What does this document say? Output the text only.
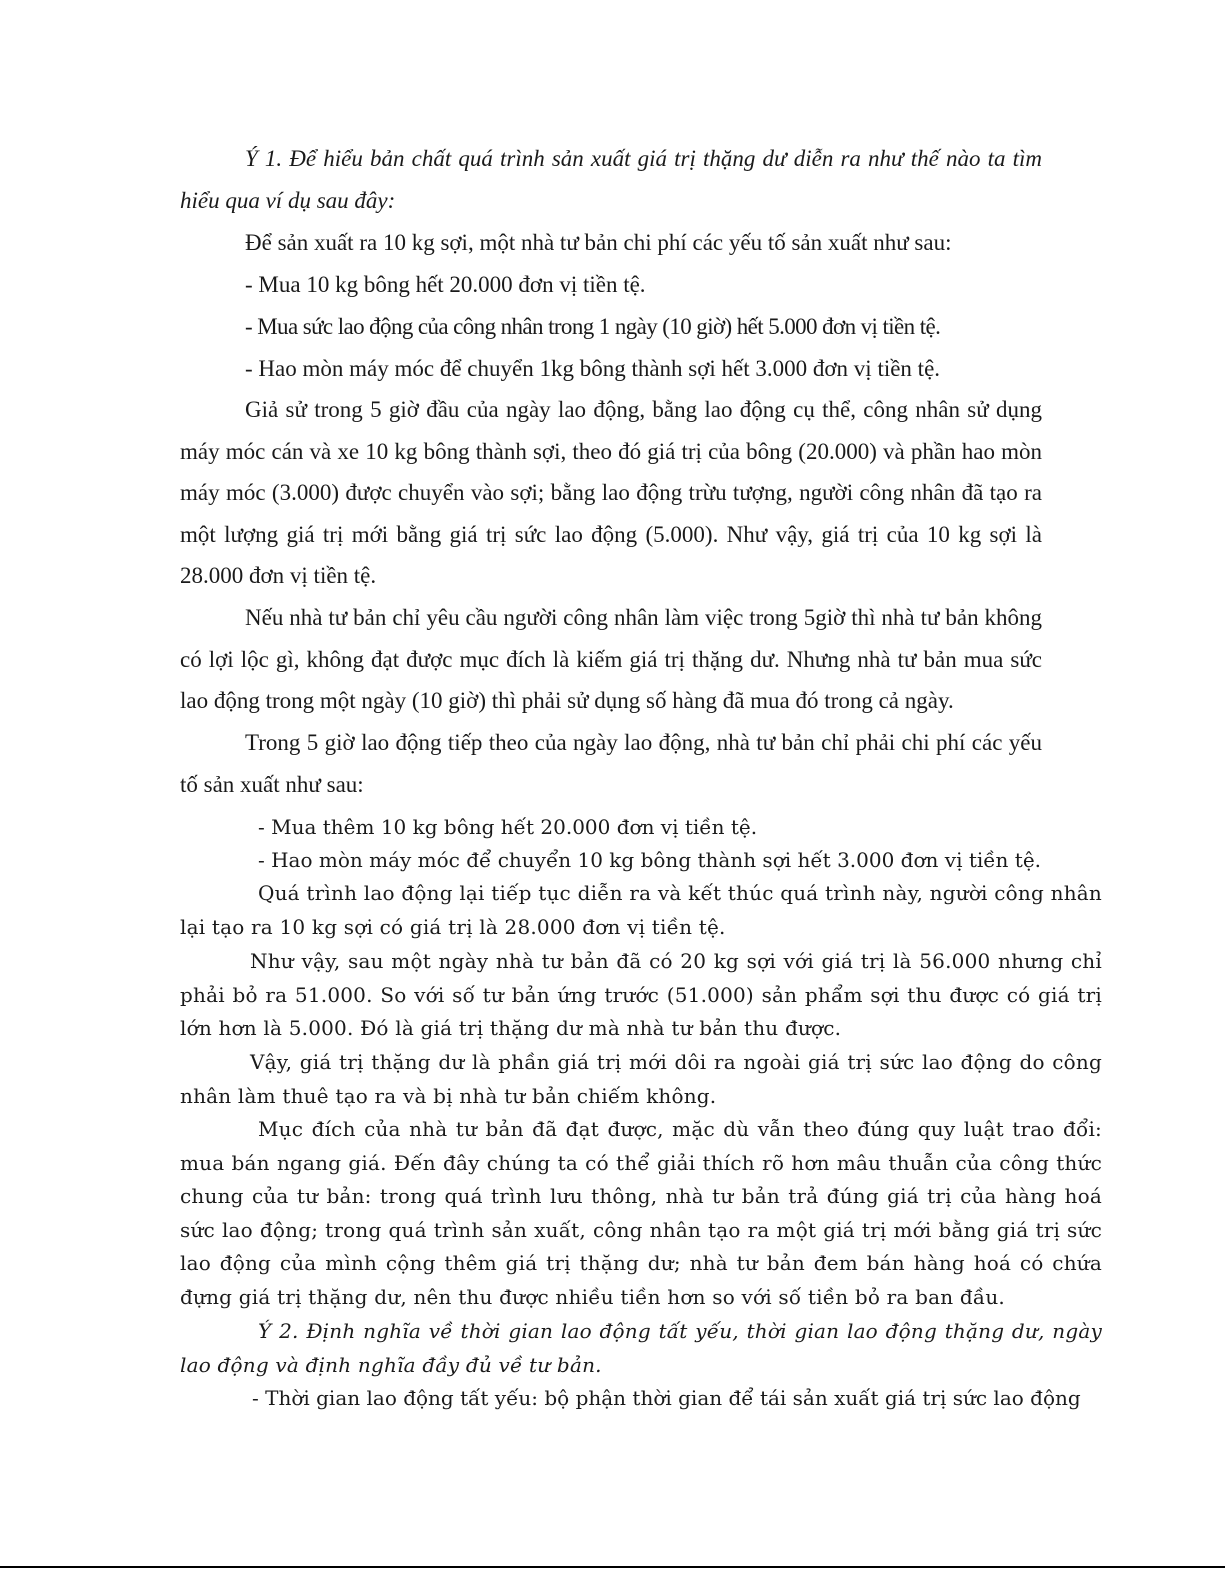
Ý 1. Để hiểu bản chất quá trình sản xuất giá trị thặng dư diễn ra như thế nào ta tìm hiểu qua ví dụ sau đây:

Để sản xuất ra 10 kg sợi, một nhà tư bản chi phí các yếu tố sản xuất như sau:

- Mua 10 kg bông hết 20.000 đơn vị tiền tệ.

- Mua sức lao động của công nhân trong 1 ngày (10 giờ) hết 5.000 đơn vị tiền tệ.

- Hao mòn máy móc để chuyển 1kg bông thành sợi hết 3.000 đơn vị tiền tệ.

Giả sử trong 5 giờ đầu của ngày lao động, bằng lao động cụ thể, công nhân sử dụng máy móc cán và xe 10 kg bông thành sợi, theo đó giá trị của bông (20.000) và phần hao mòn máy móc (3.000) được chuyển vào sợi; bằng lao động trừu tượng, người công nhân đã tạo ra một lượng giá trị mới bằng giá trị sức lao động (5.000). Như vậy, giá trị của 10 kg sợi là 28.000 đơn vị tiền tệ.

Nếu nhà tư bản chỉ yêu cầu người công nhân làm việc trong 5giờ thì nhà tư bản không có lợi lộc gì, không đạt được mục đích là kiếm giá trị thặng dư. Nhưng nhà tư bản mua sức lao động trong một ngày (10 giờ) thì phải sử dụng số hàng đã mua đó trong cả ngày.

Trong 5 giờ lao động tiếp theo của ngày lao động, nhà tư bản chỉ phải chi phí các yếu tố sản xuất như sau:

- Mua thêm 10 kg bông hết 20.000 đơn vị tiền tệ.

- Hao mòn máy móc để chuyển 10 kg bông thành sợi hết 3.000 đơn vị tiền tệ.

Quá trình lao động lại tiếp tục diễn ra và kết thúc quá trình này, người công nhân lại tạo ra 10 kg sợi có giá trị là 28.000 đơn vị tiền tệ.

Như vậy, sau một ngày nhà tư bản đã có 20 kg sợi với giá trị là 56.000 nhưng chỉ phải bỏ ra 51.000. So với số tư bản ứng trước (51.000) sản phẩm sợi thu được có giá trị lớn hơn là 5.000. Đó là giá trị thặng dư mà nhà tư bản thu được.

Vậy, giá trị thặng dư là phần giá trị mới dôi ra ngoài giá trị sức lao động do công nhân làm thuê tạo ra và bị nhà tư bản chiếm không.

Mục đích của nhà tư bản đã đạt được, mặc dù vẫn theo đúng quy luật trao đổi: mua bán ngang giá. Đến đây chúng ta có thể giải thích rõ hơn mâu thuẫn của công thức chung của tư bản: trong quá trình lưu thông, nhà tư bản trả đúng giá trị của hàng hoá sức lao động; trong quá trình sản xuất, công nhân tạo ra một giá trị mới bằng giá trị sức lao động của mình cộng thêm giá trị thặng dư; nhà tư bản đem bán hàng hoá có chứa đựng giá trị thặng dư, nên thu được nhiều tiền hơn so với số tiền bỏ ra ban đầu.

Ý 2. Định nghĩa về thời gian lao động tất yếu, thời gian lao động thặng dư, ngày lao động và định nghĩa đầy đủ về tư bản.

- Thời gian lao động tất yếu: bộ phận thời gian để tái sản xuất giá trị sức lao động
